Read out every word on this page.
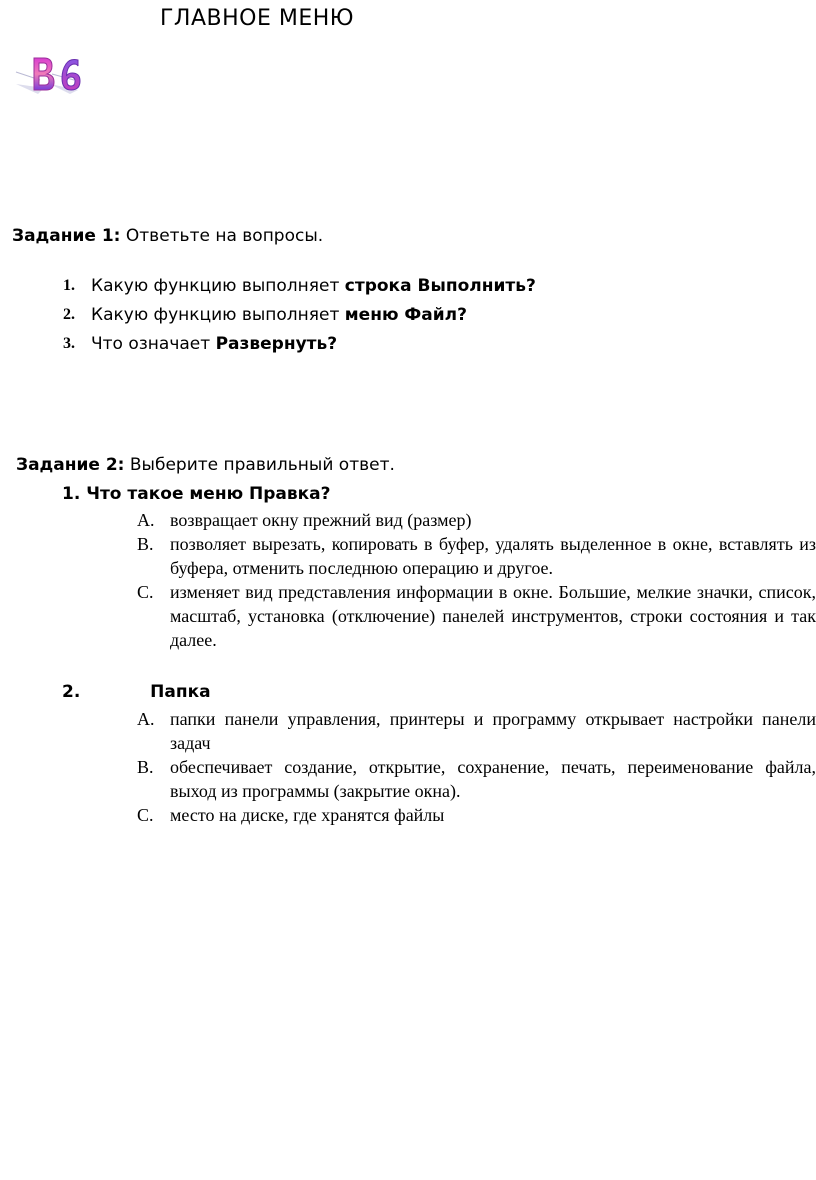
ГЛАВНОЕ МЕНЮ
Задание 1: Ответьте на вопросы.
1. Какую функцию выполняет строка Выполнить?
2. Какую функцию выполняет меню Файл?
3. Что означает Развернуть?
Задание 2: Выберите правильный ответ.
1. Что такое меню Правка?
A. возвращает окну прежний вид (размер)
B. позволяет вырезать, копировать в буфер, удалять выделенное в окне, вставлять из буфера, отменить последнюю операцию и другое.
C. изменяет вид представления информации в окне. Большие, мелкие значки, список, масштаб, установка (отключение) панелей инструментов, строки состояния и так далее.
2.	Папка
A. папки панели управления, принтеры и программу открывает настройки панели задач
B. обеспечивает создание, открытие, сохранение, печать, переименование файла, выход из программы (закрытие окна).
C. место на диске, где хранятся файлы
